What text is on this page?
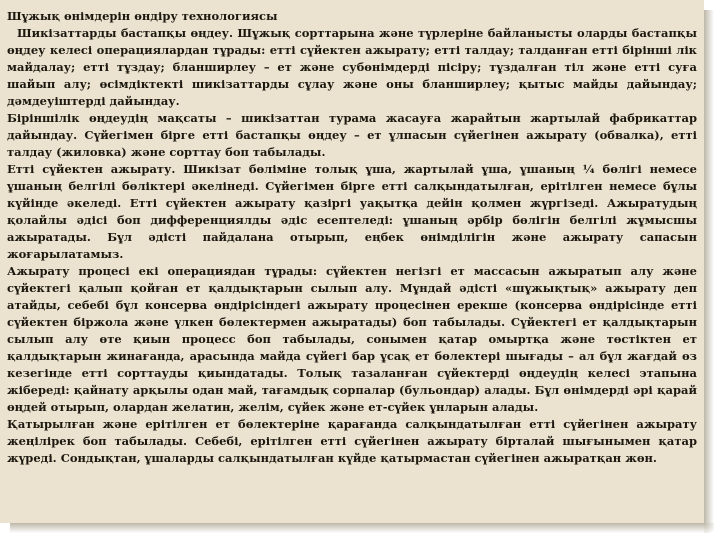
Шұжық өнімдерін өндіру технологиясы

Шикізаттарды бастапқы өңдеу. Шұжық сорттарына және түрлеріне байланысты оларды бастапқы өңдеу келесі операциялардан тұрады: етті сүйектен ажырату; етті талдау; талданған етті бірінші лік майдалау; етті тұздау; бланширлеу – ет және субөнімдерді пісіру; тұздалған тіл және етті суға шайып алу; өсімдіктекті шикізаттарды сұлау және оны бланширлеу; қытыс майды дайындау; дәмдеуіштерді дайындау.

Біріншілік өңдеудің мақсаты – шикізаттан турама жасауға жарайтын жартылай фабрикаттар дайындау. Сүйегімен бірге етті бастапқы өңдеу – ет ұлпасын сүйегінен ажырату (обвалка), етті талдау (жиловка) және сорттау боп табылады.

Етті сүйектен ажырату. Шикізат бөліміне толық ұша, жартылай ұша, ұшаның ¼ бөлігі немесе ұшаның белгілі бөліктері әкелінеді. Сүйегімен бірге етті салқындатылған, ерітілген немесе бұлы күйінде әкеледі. Етті сүйектен ажырату қазіргі уақытқа дейін қолмен жүргізеді. Ажыратудың қолайлы әдісі боп дифференциялды әдіс есептеледі: ұшаның әрбір бөлігін белгілі жұмысшы ажыратады. Бұл әдісті пайдалана отырып, еңбек өнімділігін және ажырату сапасын жоғарылатамыз.

Ажырату процесі екі операциядан тұрады: сүйектен негізгі ет массасын ажыратып алу және сүйектегі қалып қойған ет қалдықтарын сылып алу. Мұндай әдісті «шұжықтық» ажырату деп атайды, себебі бұл консерва өндірісіндегі ажырату процесінен ерекше (консерва өндірісінде етті сүйектен біржола және үлкен бөлектермен ажыратады) боп табылады. Сүйектегі ет қалдықтарын сылып алу өте қиын процесс боп табылады, сонымен қатар омыртқа және төстіктен ет қалдықтарын жинағанда, арасында майда сүйегі бар ұсақ ет бөлектері шығады – ал бұл жағдай өз кезегінде етті сорттауды қиындатады. Толық тазаланған сүйектерді өңдеудің келесі этапына жібереді: қайнату арқылы одан май, тағамдық сорпалар (бульондар) алады. Бұл өнімдерді әрі қарай өңдей отырып, олардан желатин, желім, сүйек және ет-сүйек ұнларын алады.

Қатырылған және ерітілген ет бөлектеріне қарағанда салқындатылған етті сүйегінен ажырату жеңілірек боп табылады. Себебі, ерітілген етті сүйегінен ажырату бірталай шығынымен қатар жүреді. Сондықтан, ұшаларды салқындатылған күйде қатырмастан сүйегінен ажыратқан жөн.
